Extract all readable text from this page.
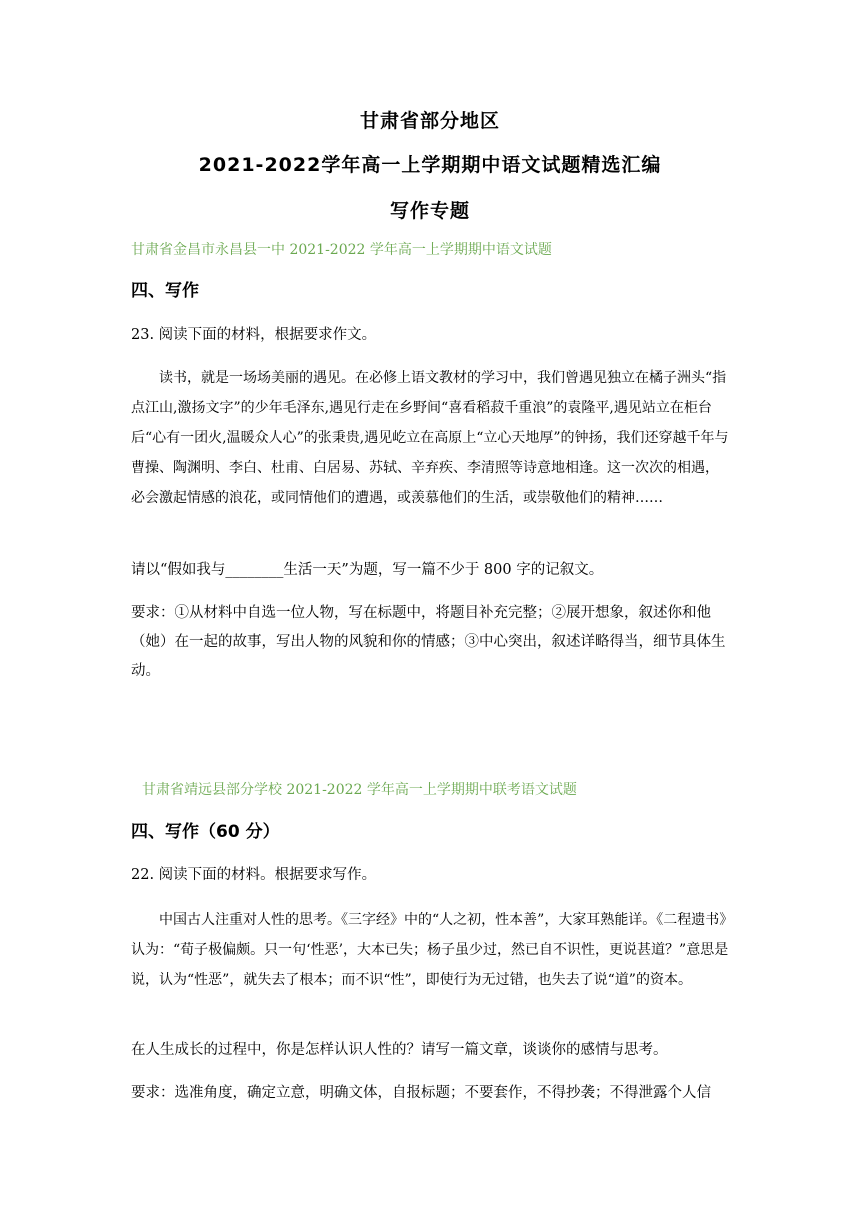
甘肃省部分地区
2021-2022学年高一上学期期中语文试题精选汇编
写作专题
甘肃省金昌市永昌县一中 2021-2022 学年高一上学期期中语文试题
四、写作
23. 阅读下面的材料，根据要求作文。

读书，就是一场场美丽的遇见。在必修上语文教材的学习中，我们曾遇见独立在橘子洲头“指点江山,激扬文字”的少年毛泽东,遇见行走在乡野间“喜看稻菽千重浪”的袁隆平,遇见站立在柜台后“心有一团火,温暖众人心”的张秉贵,遇见屹立在高原上“立心天地厚”的钟扬，我们还穿越千年与曹操、陶渊明、李白、杜甫、白居易、苏轼、辛弃疾、李清照等诗意地相逢。这一次次的相遇，必会激起情感的浪花，或同情他们的遭遇，或羡慕他们的生活，或崇敬他们的精神……

请以“假如我与________生活一天”为题，写一篇不少于 800 字的记叙文。

要求：①从材料中自选一位人物，写在标题中，将题目补充完整；②展开想象，叙述你和他（她）在一起的故事，写出人物的风貌和你的情感；③中心突出，叙述详略得当，细节具体生动。

甘肃省靖远县部分学校 2021-2022 学年高一上学期期中联考语文试题
四、写作（60 分）
22. 阅读下面的材料。根据要求写作。

中国古人注重对人性的思考。《三字经》中的“人之初，性本善”，大家耳熟能详。《二程遗书》认为：“荀子极偏颇。只一句‘性恶’，大本已失；杨子虽少过，然已自不识性，更说甚道？”意思是说，认为“性恶”，就失去了根本；而不识“性”，即使行为无过错，也失去了说“道”的资本。

在人生成长的过程中，你是怎样认识人性的？请写一篇文章，谈谈你的感情与思考。
要求：选准角度，确定立意，明确文体，自报标题；不要套作，不得抄袭；不得泄露个人信
